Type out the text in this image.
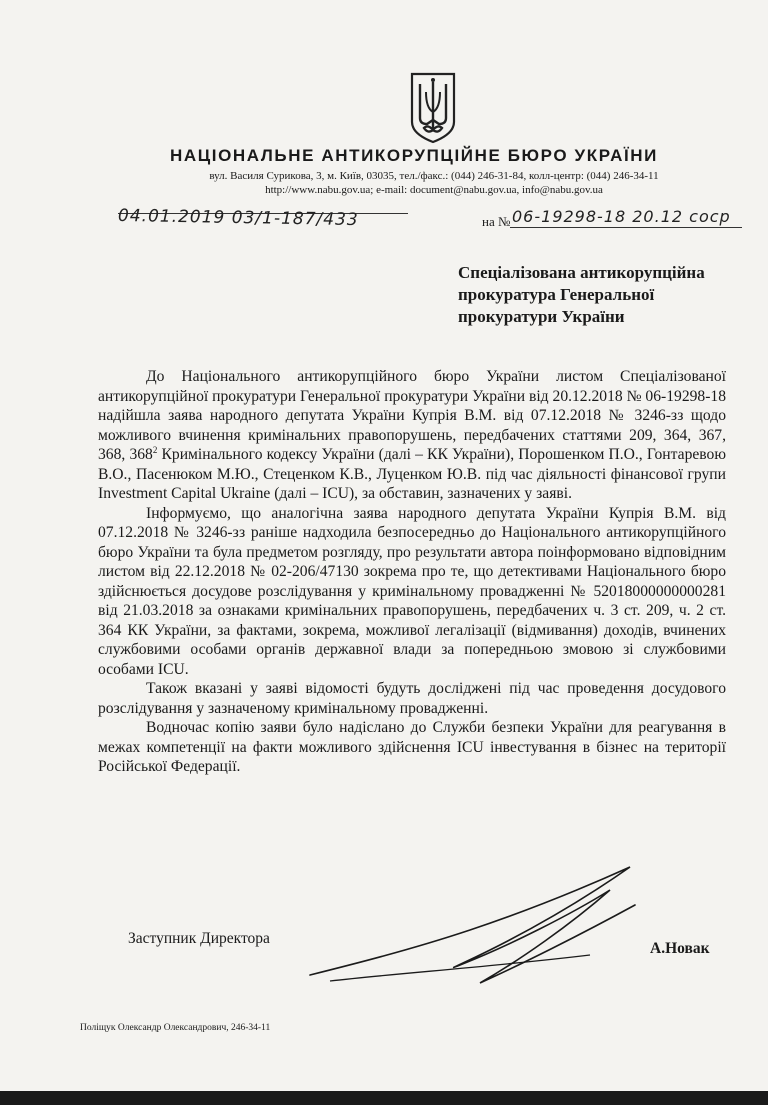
НАЦІОНАЛЬНЕ АНТИКОРУПЦІЙНЕ БЮРО УКРАЇНИ
вул. Василя Сурикова, 3, м. Київ, 03035, тел./факс.: (044) 246-31-84, колл-центр: (044) 246-34-11
http://www.nabu.gov.ua; e-mail: document@nabu.gov.ua, info@nabu.gov.ua
04.01.2019 03/1-187/433	на № 06-19298-18 20.12 соср
Спеціалізована антикорупційна
прокуратура Генеральної
прокуратури України

До Національного антикорупційного бюро України листом Спеціалізованої антикорупційної прокуратури Генеральної прокуратури України від 20.12.2018 № 06-19298-18 надійшла заява народного депутата України Купрія В.М. від 07.12.2018 № 3246-зз щодо можливого вчинення кримінальних правопорушень, передбачених статтями 209, 364, 367, 368, $368^2$ Кримінального кодексу України (далі – КК України), Порошенком П.О., Гонтаревою В.О., Пасенюком М.Ю., Стеценком К.В., Луценком Ю.В. під час діяльності фінансової групи Investment Capital Ukraine (далі – ICU), за обставин, зазначених у заяві.

Інформуємо, що аналогічна заява народного депутата України Купрія В.М. від 07.12.2018 № 3246-зз раніше надходила безпосередньо до Національного антикорупційного бюро України та була предметом розгляду, про результати автора поінформовано відповідним листом від 22.12.2018 № 02-206/47130 зокрема про те, що детективами Національного бюро здійснюється досудове розслідування у кримінальному провадженні № 52018000000000281 від 21.03.2018 за ознаками кримінальних правопорушень, передбачених ч. 3 ст. 209, ч. 2 ст. 364 КК України, за фактами, зокрема, можливої легалізації (відмивання) доходів, вчинених службовими особами органів державної влади за попередньою змовою зі службовими особами ICU.

Також вказані у заяві відомості будуть досліджені під час проведення досудового розслідування у зазначеному кримінальному провадженні.

Водночас копію заяви було надіслано до Служби безпеки України для реагування в межах компетенції на факти можливого здійснення ICU інвестування в бізнес на території Російської Федерації.

Заступник Директора
А.Новак
Поліщук Олександр Олександрович, 246-34-11
